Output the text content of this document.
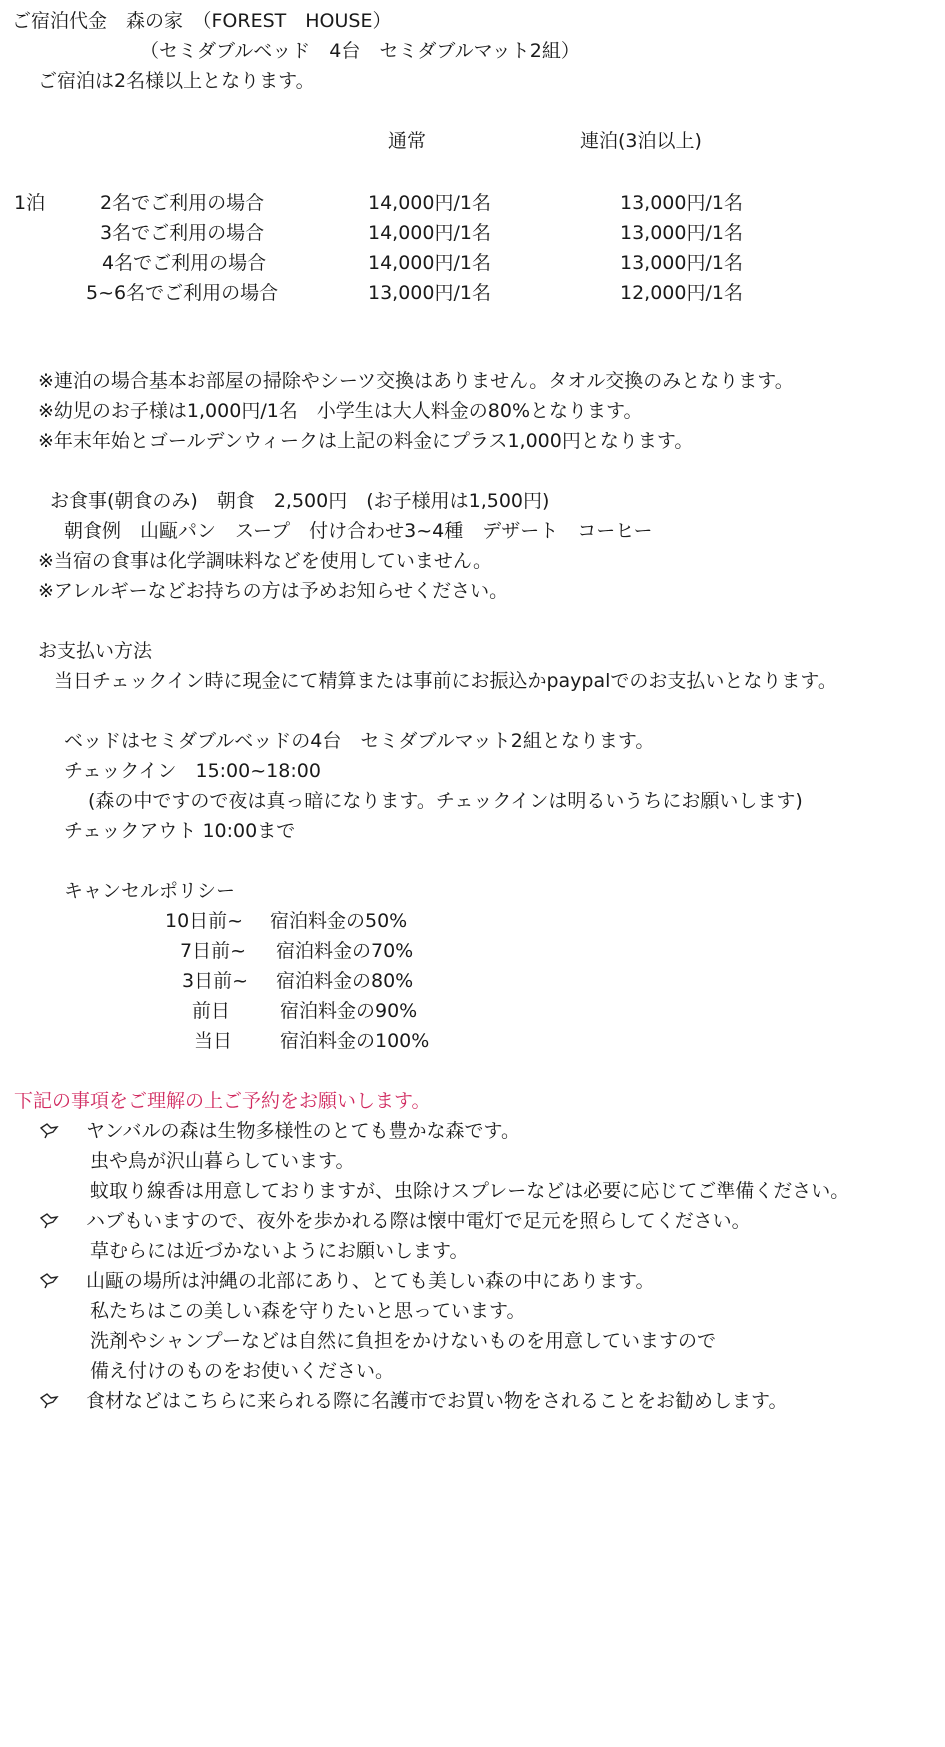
ご宿泊代金　森の家　（FOREST　HOUSE）
（セミダブルベッド　4台　セミダブルマット2組）
ご宿泊は2名様以上となります。
通常	連泊(3泊以上)
1泊	2名でご利用の場合	14,000円/1名	13,000円/1名
3名でご利用の場合	14,000円/1名	13,000円/1名
4名でご利用の場合	14,000円/1名	13,000円/1名
5~6名でご利用の場合	13,000円/1名	12,000円/1名
※連泊の場合基本お部屋の掃除やシーツ交換はありません。タオル交換のみとなります。
※幼児のお子様は1,000円/1名　小学生は大人料金の80%となります。
※年末年始とゴールデンウィークは上記の料金にプラス1,000円となります。
お食事(朝食のみ)　朝食　2,500円　(お子様用は1,500円)
朝食例　山甌パン　スープ　付け合わせ3~4種　デザート　コーヒー
※当宿の食事は化学調味料などを使用していません。
※アレルギーなどお持ちの方は予めお知らせください。
お支払い方法
当日チェックイン時に現金にて精算または事前にお振込かpaypalでのお支払いとなります。
ベッドはセミダブルベッドの4台　セミダブルマット2組となります。
チェックイン　15:00~18:00
(森の中ですので夜は真っ暗になります。チェックインは明るいうちにお願いします)
チェックアウト 10:00まで
キャンセルポリシー
10日前~ 宿泊料金の50%
7日前~ 宿泊料金の70%
3日前~ 宿泊料金の80%
前日	宿泊料金の90%
当日	宿泊料金の100%
下記の事項をご理解の上ご予約をお願いします。
ヤンバルの森は生物多様性のとても豊かな森です。
虫や鳥が沢山暮らしています。
蚊取り線香は用意しておりますが、虫除けスプレーなどは必要に応じてご準備ください。
ハブもいますので、夜外を歩かれる際は懐中電灯で足元を照らしてください。
草むらには近づかないようにお願いします。
山甌の場所は沖縄の北部にあり、とても美しい森の中にあります。
私たちはこの美しい森を守りたいと思っています。
洗剤やシャンプーなどは自然に負担をかけないものを用意していますので
備え付けのものをお使いください。
食材などはこちらに来られる際に名護市でお買い物をされることをお勧めします。
